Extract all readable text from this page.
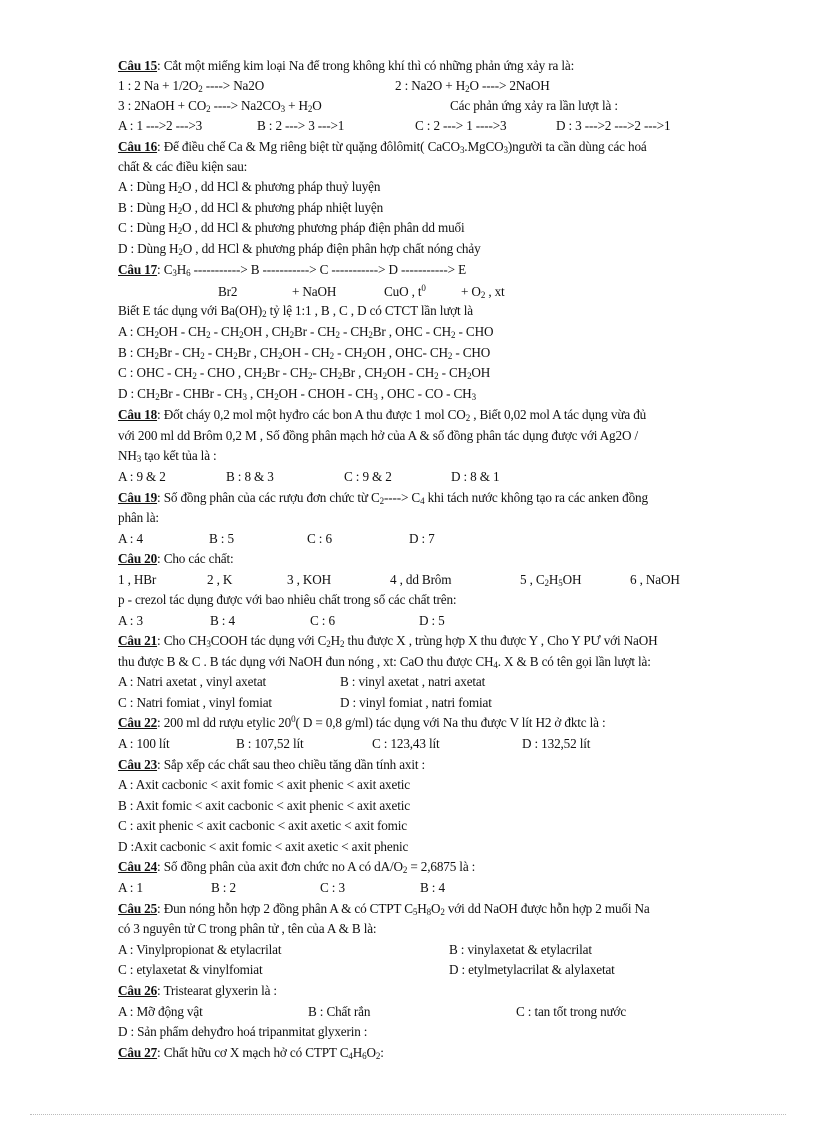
Câu 15: Cắt một miếng kim loại Na để trong không khí thì có những phản ứng xảy ra là:
1 : 2 $Na + 1/2O_2$ ----> Na2O	2 : $Na2O + H_2O$ ----> 2NaOH
3 : 2NaOH + $CO_2$ ----> $Na2CO_3 + H_2O$	Các phản ứng xảy ra lần lượt là :
A : 1 --->2 --->3	B : 2 ---> 3 --->1	C : 2 ---> 1 ---->3	D : 3 --->2 --->2 --->1
Câu 16: Để điều chế Ca & Mg riêng biệt từ quặng đôlômit( CaCO$_3$.MgCO$_3$)người ta cần dùng các hoá
chất & các điều kiện sau:
A : Dùng $H_2O$ , dd HCl & phương pháp thuỷ luyện
B : Dùng $H_2O$ , dd HCl & phương pháp nhiệt luyện
C : Dùng $H_2O$ , dd HCl & phương phương pháp điện phân dd muối
D : Dùng $H_2O$ , dd HCl & phương pháp điện phân hợp chất nóng chảy
Câu 17: $C_3H_6$ -----------> B -----------> C -----------> D -----------> E
Br2	+ NaOH	CuO , $t^0$	+ $O_2$ , xt
Biết E tác dụng với $Ba(OH)_2$ tỷ lệ 1:1 , B , C , D có CTCT lần lượt là
A : $CH_2OH - CH_2 - CH_2OH$ , $CH_2Br - CH_2 - CH_2Br$ , OHC - $CH_2$ - CHO
B : $CH_2Br - CH_2 - CH_2Br$ , $CH_2OH - CH_2 - CH_2OH$ , OHC- $CH_2$ - CHO
C : OHC - $CH_2$ - CHO , $CH_2Br - CH_2-$ $CH_2Br$ , $CH_2OH - CH_2 - CH_2OH$
D : $CH_2Br$ - CHBr - $CH_3$ , $CH_2OH$ - CHOH - $CH_3$ , OHC - CO - $CH_3$
Câu 18: Đốt cháy 0,2 mol một hyđro các bon A thu được 1 mol $CO_2$ , Biết 0,02 mol A tác dụng vừa đủ
với 200 ml dd Brôm 0,2 M , Số đồng phân mạch hở của A & số đồng phân tác dụng được với Ag2O /
$NH_3$ tạo kết tủa là :
A : 9 & 2	B : 8 & 3	C : 9 & 2	D : 8 & 1
Câu 19: Số đồng phân của các rượu đơn chức từ $C_2----> C_4$ khi tách nước không tạo ra các anken đồng
phân là:
A : 4	B : 5	C : 6	D : 7
Câu 20: Cho các chất:
1 , HBr	2 , K	3 , KOH	4 , dd Brôm	5 , $C_2H_5OH$	6 , NaOH
p - crezol tác dụng được với bao nhiêu chất trong số các chất trên:
A : 3	B : 4	C : 6	D : 5
Câu 21: Cho $CH_3COOH$ tác dụng với $C_2H_2$ thu được X , trùng hợp X thu được Y , Cho Y PƯ với NaOH
thu được B & C . B tác dụng với NaOH đun nóng , xt: CaO thu được $CH_4$. X & B có tên gọi lần lượt là:
A : Natri axetat , vinyl axetat	B : vinyl axetat , natri axetat
C : Natri fomiat , vinyl fomiat	D : vinyl fomiat , natri fomiat
Câu 22: 200 ml dd rượu etylic $20^0$( D = 0,8 g/ml) tác dụng với Na thu được V lít H2 ở đktc là :
A : 100 lít	B : 107,52 lít	C : 123,43 lít	D : 132,52 lít
Câu 23: Sắp xếp các chất sau theo chiều tăng dần tính axit :
A : Axit cacbonic < axit fomic < axit phenic < axit axetic
B : Axit fomic < axit cacbonic < axit phenic < axit axetic
C : axit phenic < axit cacbonic < axit axetic < axit fomic
D :Axit cacbonic < axit fomic < axit axetic < axit phenic
Câu 24: Số đồng phân của axit đơn chức no A có $dA/O_2 = 2,6875$ là :
A : 1	B : 2	C : 3	B : 4
Câu 25: Đun nóng hỗn hợp 2 đồng phân A & có CTPT $C_5H_8O_2$ với dd NaOH được hỗn hợp 2 muối Na
có 3 nguyên tử C trong phân tử , tên của A & B là:
A : Vinylpropionat & etylacrilat	B : vinylaxetat & etylacrilat
C : etylaxetat & vinylfomiat	D : etylmetylacrilat & alylaxetat
Câu 26: Tristearat glyxerin là :
A : Mỡ động vật	B : Chất rắn	C : tan tốt trong nước
D : Sản phẩm dehyđro hoá tripanmitat glyxerin :
Câu 27: Chất hữu cơ X mạch hở có CTPT $C_4H_6O_2$:
